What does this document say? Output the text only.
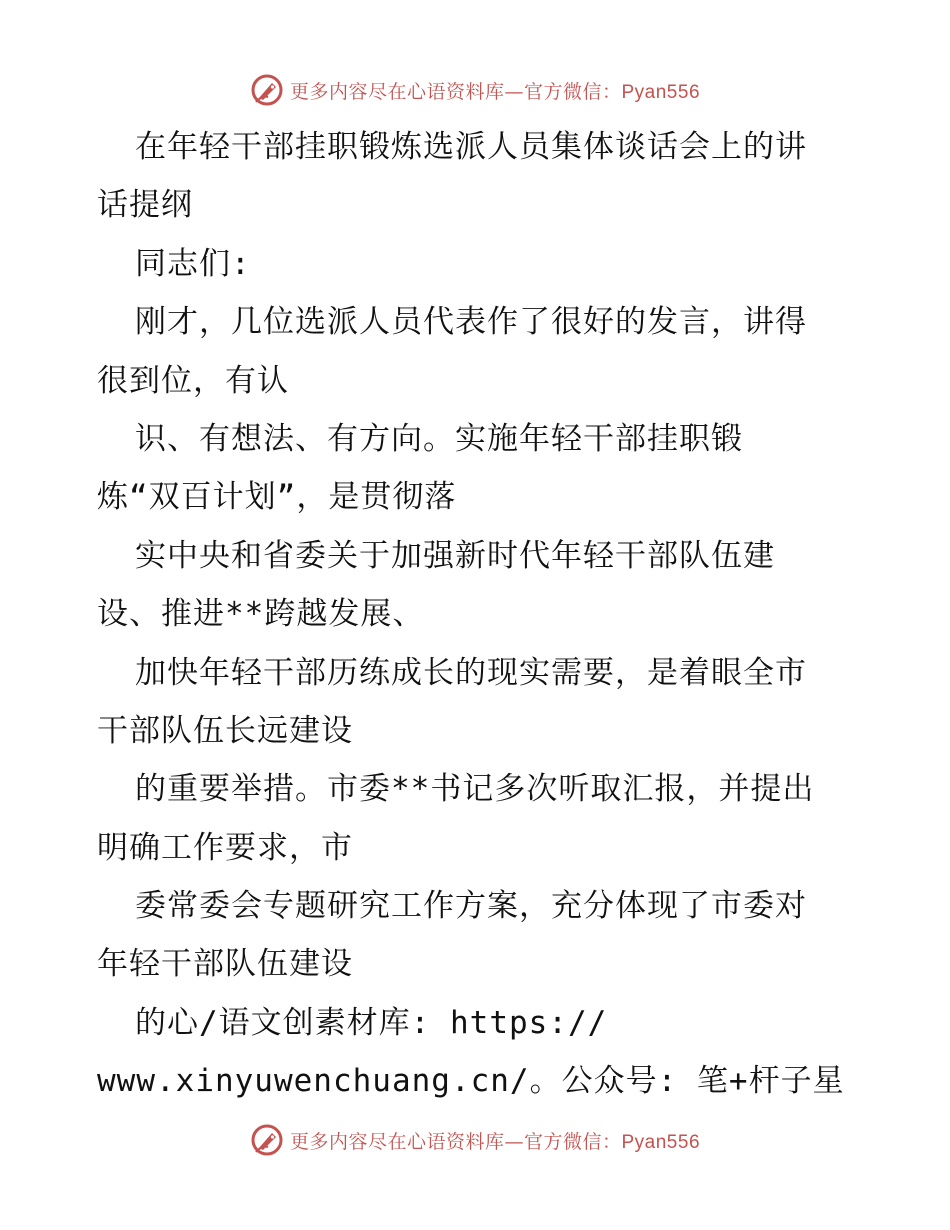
更多内容尽在心语资料库—官方微信：Pyan556
在年轻干部挂职锻炼选派人员集体谈话会上的讲
话提纲
同志们:
刚才，几位选派人员代表作了很好的发言，讲得
很到位，有认
识、有想法、有方向。实施年轻干部挂职锻
炼“双百计划”，是贯彻落
实中央和省委关于加强新时代年轻干部队伍建
设、推进**跨越发展、
加快年轻干部历练成长的现实需要，是着眼全市
干部队伍长远建设
的重要举措。市委**书记多次听取汇报，并提出
明确工作要求，市
委常委会专题研究工作方案，充分体现了市委对
年轻干部队伍建设
的心/语文创素材库: https://
www.xinyuwenchuang.cn/。公众号: 笔+杆子星
更多内容尽在心语资料库—官方微信：Pyan556
